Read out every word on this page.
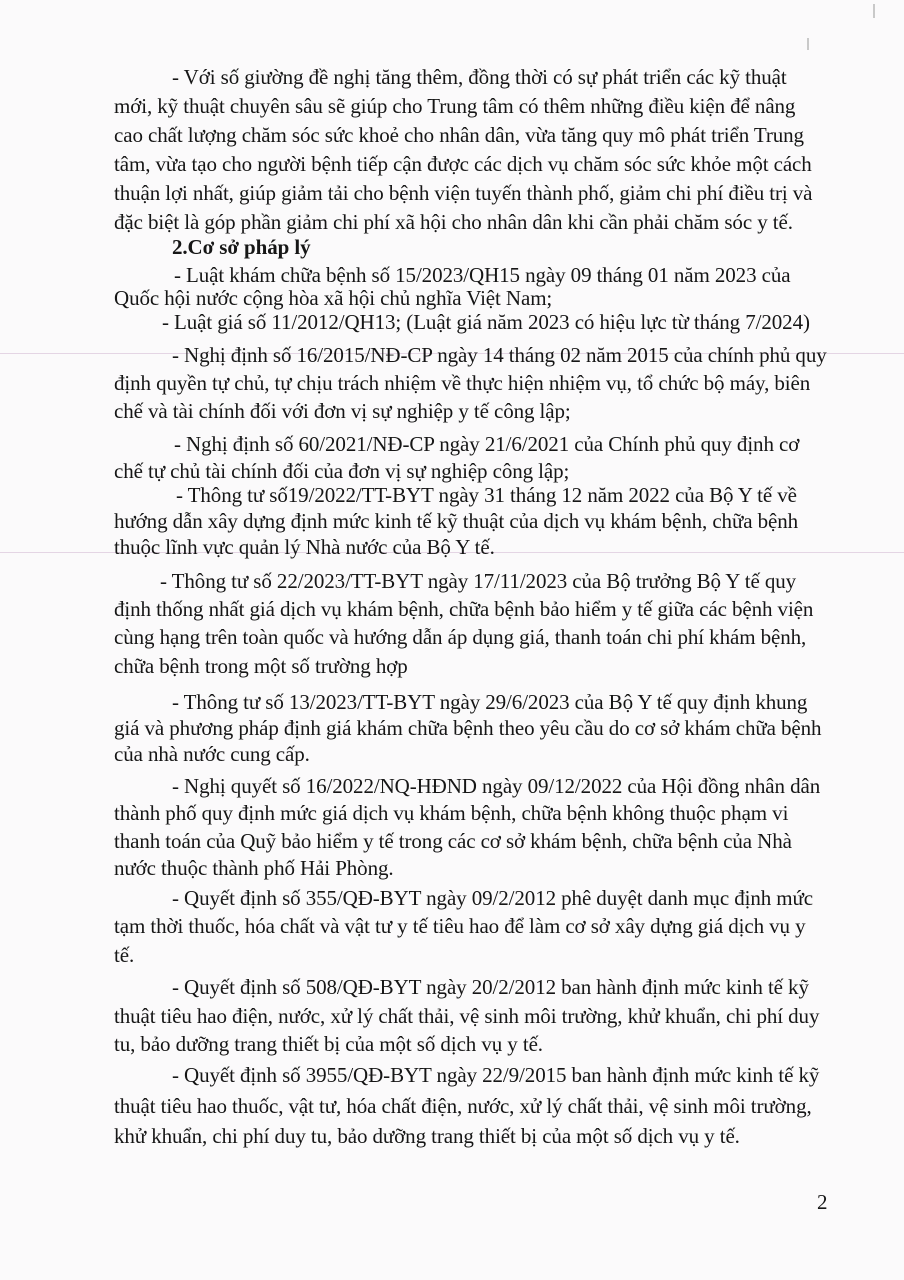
- Với số giường đề nghị tăng thêm, đồng thời có sự phát triển các kỹ thuật
mới, kỹ thuật chuyên sâu sẽ giúp cho Trung tâm có thêm những điều kiện để nâng
cao chất lượng chăm sóc sức khoẻ cho nhân dân, vừa tăng quy mô phát triển Trung
tâm, vừa tạo cho người bệnh tiếp cận được các dịch vụ chăm sóc sức khỏe một cách
thuận lợi nhất, giúp giảm tải cho bệnh viện tuyến thành phố, giảm chi phí điều trị và
đặc biệt là góp phần giảm chi phí xã hội cho nhân dân khi cần phải chăm sóc y tế.
2.Cơ sở pháp lý
- Luật khám chữa bệnh số 15/2023/QH15 ngày 09 tháng 01 năm 2023 của
Quốc hội nước cộng hòa xã hội chủ nghĩa Việt Nam;
- Luật giá số 11/2012/QH13; (Luật giá năm 2023 có hiệu lực từ tháng 7/2024)
- Nghị định số 16/2015/NĐ-CP ngày 14 tháng 02 năm 2015 của chính phủ quy
định quyền tự chủ, tự chịu trách nhiệm về thực hiện nhiệm vụ, tổ chức bộ máy, biên
chế và tài chính đối với đơn vị sự nghiệp y tế công lập;
- Nghị định số 60/2021/NĐ-CP ngày 21/6/2021 của Chính phủ quy định cơ
chế tự chủ tài chính đối của đơn vị sự nghiệp công lập;
- Thông tư số19/2022/TT-BYT ngày 31 tháng 12 năm 2022 của Bộ Y tế về
hướng dẫn xây dựng định mức kinh tế kỹ thuật của dịch vụ khám bệnh, chữa bệnh
thuộc lĩnh vực quản lý Nhà nước của Bộ Y tế.
- Thông tư số 22/2023/TT-BYT ngày 17/11/2023 của Bộ trưởng Bộ Y tế quy
định thống nhất giá dịch vụ khám bệnh, chữa bệnh bảo hiểm y tế giữa các bệnh viện
cùng hạng trên toàn quốc và hướng dẫn áp dụng giá, thanh toán chi phí khám bệnh,
chữa bệnh trong một số trường hợp
- Thông tư số 13/2023/TT-BYT ngày 29/6/2023 của Bộ Y tế quy định khung
giá và phương pháp định giá khám chữa bệnh theo yêu cầu do cơ sở khám chữa bệnh
của nhà nước cung cấp.
- Nghị quyết số 16/2022/NQ-HĐND ngày 09/12/2022 của Hội đồng nhân dân
thành phố quy định mức giá dịch vụ khám bệnh, chữa bệnh không thuộc phạm vi
thanh toán của Quỹ bảo hiểm y tế trong các cơ sở khám bệnh, chữa bệnh của Nhà
nước thuộc thành phố Hải Phòng.
- Quyết định số 355/QĐ-BYT ngày 09/2/2012 phê duyệt danh mục định mức
tạm thời thuốc, hóa chất và vật tư y tế tiêu hao để làm cơ sở xây dựng giá dịch vụ y
tế.
- Quyết định số 508/QĐ-BYT ngày 20/2/2012 ban hành định mức kinh tế kỹ
thuật tiêu hao điện, nước, xử lý chất thải, vệ sinh môi trường, khử khuẩn, chi phí duy
tu, bảo dưỡng trang thiết bị của một số dịch vụ y tế.
- Quyết định số 3955/QĐ-BYT ngày 22/9/2015 ban hành định mức kinh tế kỹ
thuật tiêu hao thuốc, vật tư, hóa chất điện, nước, xử lý chất thải, vệ sinh môi trường,
khử khuẩn, chi phí duy tu, bảo dưỡng trang thiết bị của một số dịch vụ y tế.
2
